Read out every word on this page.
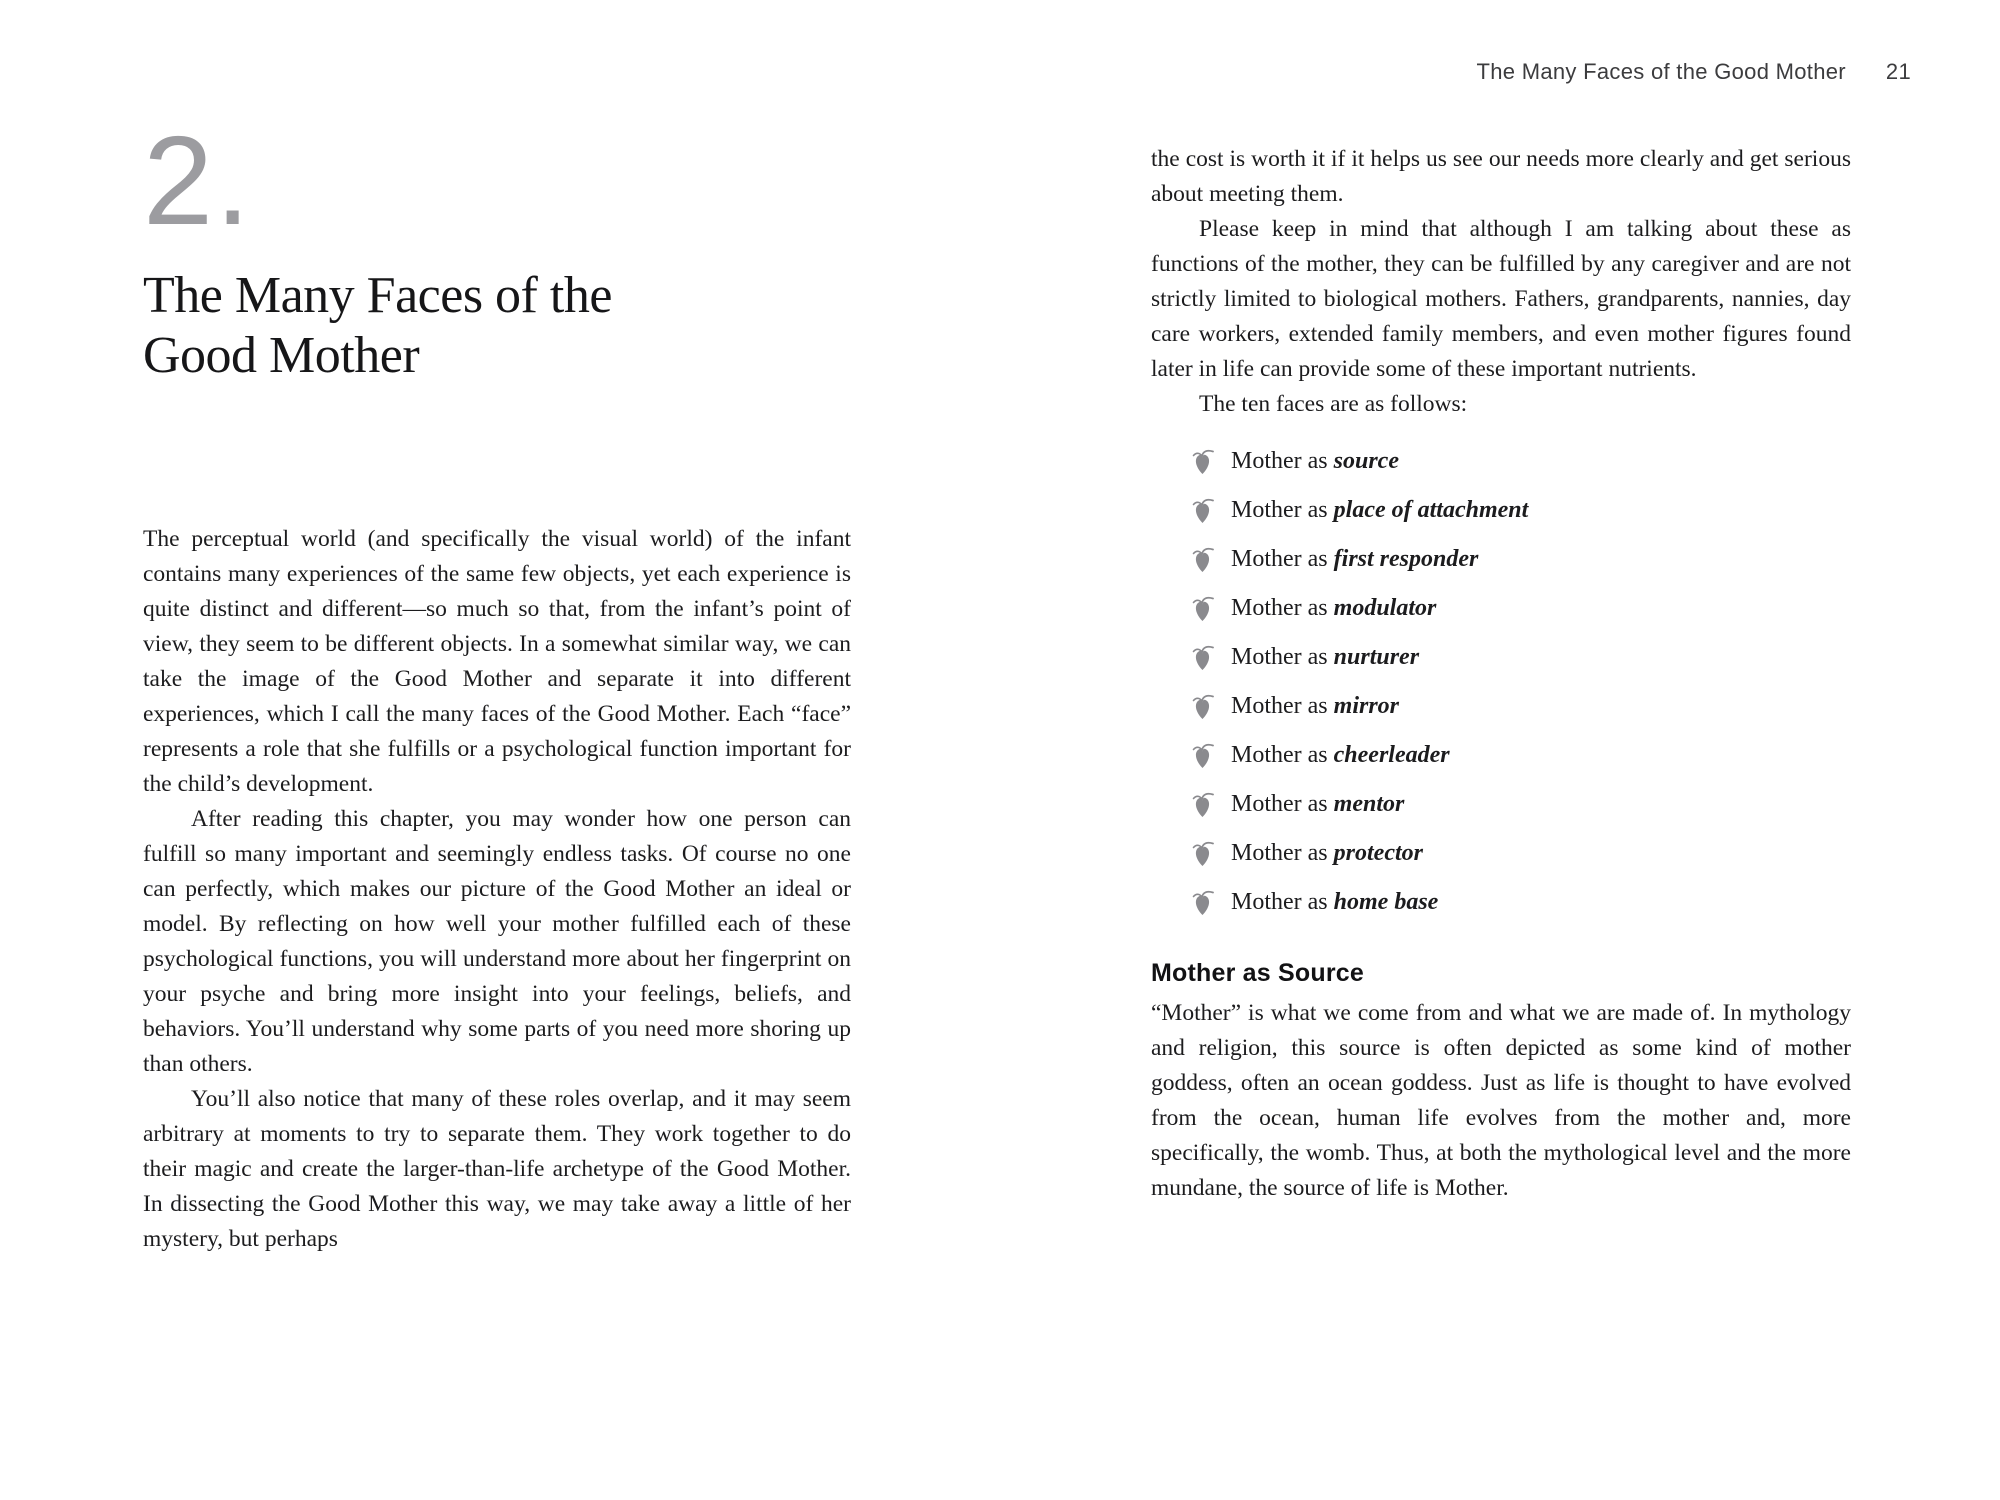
2.
The Many Faces of the
Good Mother

The perceptual world (and specifically the visual world) of the infant contains many experiences of the same few objects, yet each experience is quite distinct and different—so much so that, from the infant’s point of view, they seem to be different objects. In a somewhat similar way, we can take the image of the Good Mother and separate it into different experiences, which I call the many faces of the Good Mother. Each “face” represents a role that she fulfills or a psychological function important for the child’s development.

After reading this chapter, you may wonder how one person can fulfill so many important and seemingly endless tasks. Of course no one can perfectly, which makes our picture of the Good Mother an ideal or model. By reflecting on how well your mother fulfilled each of these psychological functions, you will understand more about her fingerprint on your psyche and bring more insight into your feelings, beliefs, and behaviors. You’ll understand why some parts of you need more shoring up than others.

You’ll also notice that many of these roles overlap, and it may seem arbitrary at moments to try to separate them. They work together to do their magic and create the larger-than-life archetype of the Good Mother. In dissecting the Good Mother this way, we may take away a little of her mystery, but perhaps

The Many Faces of the Good Mother 21

the cost is worth it if it helps us see our needs more clearly and get serious about meeting them.

Please keep in mind that although I am talking about these as functions of the mother, they can be fulfilled by any caregiver and are not strictly limited to biological mothers. Fathers, grandparents, nannies, day care workers, extended family members, and even mother figures found later in life can provide some of these important nutrients.

The ten faces are as follows:

Mother as source
Mother as place of attachment
Mother as first responder
Mother as modulator
Mother as nurturer
Mother as mirror
Mother as cheerleader
Mother as mentor
Mother as protector
Mother as home base
Mother as Source

“Mother” is what we come from and what we are made of. In mythology and religion, this source is often depicted as some kind of mother goddess, often an ocean goddess. Just as life is thought to have evolved from the ocean, human life evolves from the mother and, more specifically, the womb. Thus, at both the mythological level and the more mundane, the source of life is Mother.
